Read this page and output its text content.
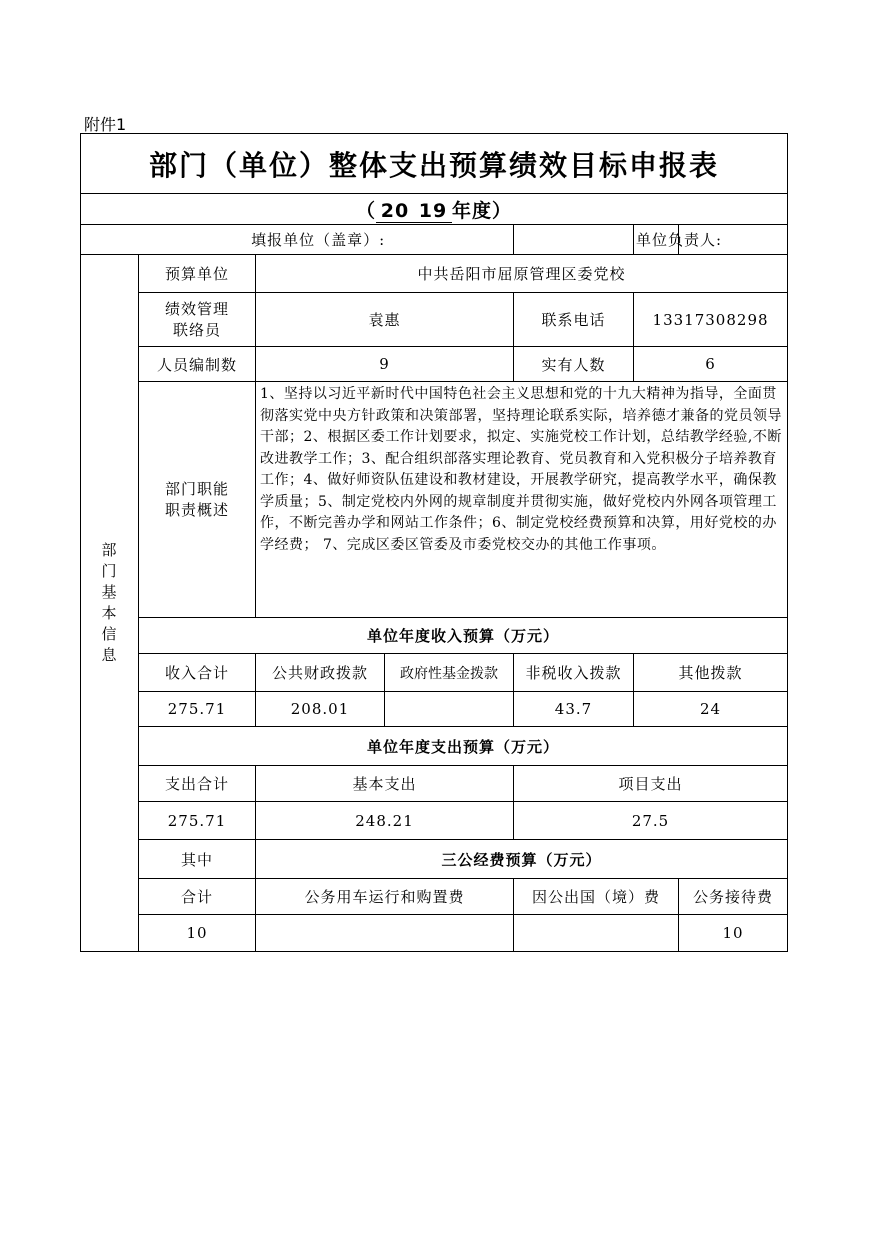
附件1
部门（单位）整体支出预算绩效目标申报表						
（ 20 19 年度）						
填报单位（盖章）:					单位负责人:	

部门基本信息	预算单位	中共岳阳市屈原管理区委党校				

	绩效管理
联络员	袁惠		联系电话	13317308298	
	人员编制数	9		实有人数	6	

	部门职能
职责概述	1、坚持以习近平新时代中国特色社会主义思想和党的十九大精神为指导，全面贯彻落实党中央方针政策和决策部署，坚持理论联系实际，培养德才兼备的党员领导干部；2、根据区委工作计划要求，拟定、实施党校工作计划，总结教学经验,不断改进教学工作；3、配合组织部落实理论教育、党员教育和入党积极分子培养教育工作；4、做好师资队伍建设和教材建设，开展教学研究，提高教学水平，确保教学质量；5、制定党校内外网的规章制度并贯彻实施，做好党校内外网各项管理工作，不断完善办学和网站工作条件；6、制定党校经费预算和决算，用好党校的办学经费； 7、完成区委区管委及市委党校交办的其他工作事项。				
	单位年度收入预算（万元）					
	收入合计	公共财政拨款	政府性基金拨款	非税收入拨款	其他拨款	
	275.71	208.01		43.7	24	
	单位年度支出预算（万元）					
	支出合计	基本支出		项目支出		
	275.71	248.21		27.5		
	其中	三公经费预算（万元）				
	合计	公务用车运行和购置费		因公出国（境）费		公务接待费
	10					10
